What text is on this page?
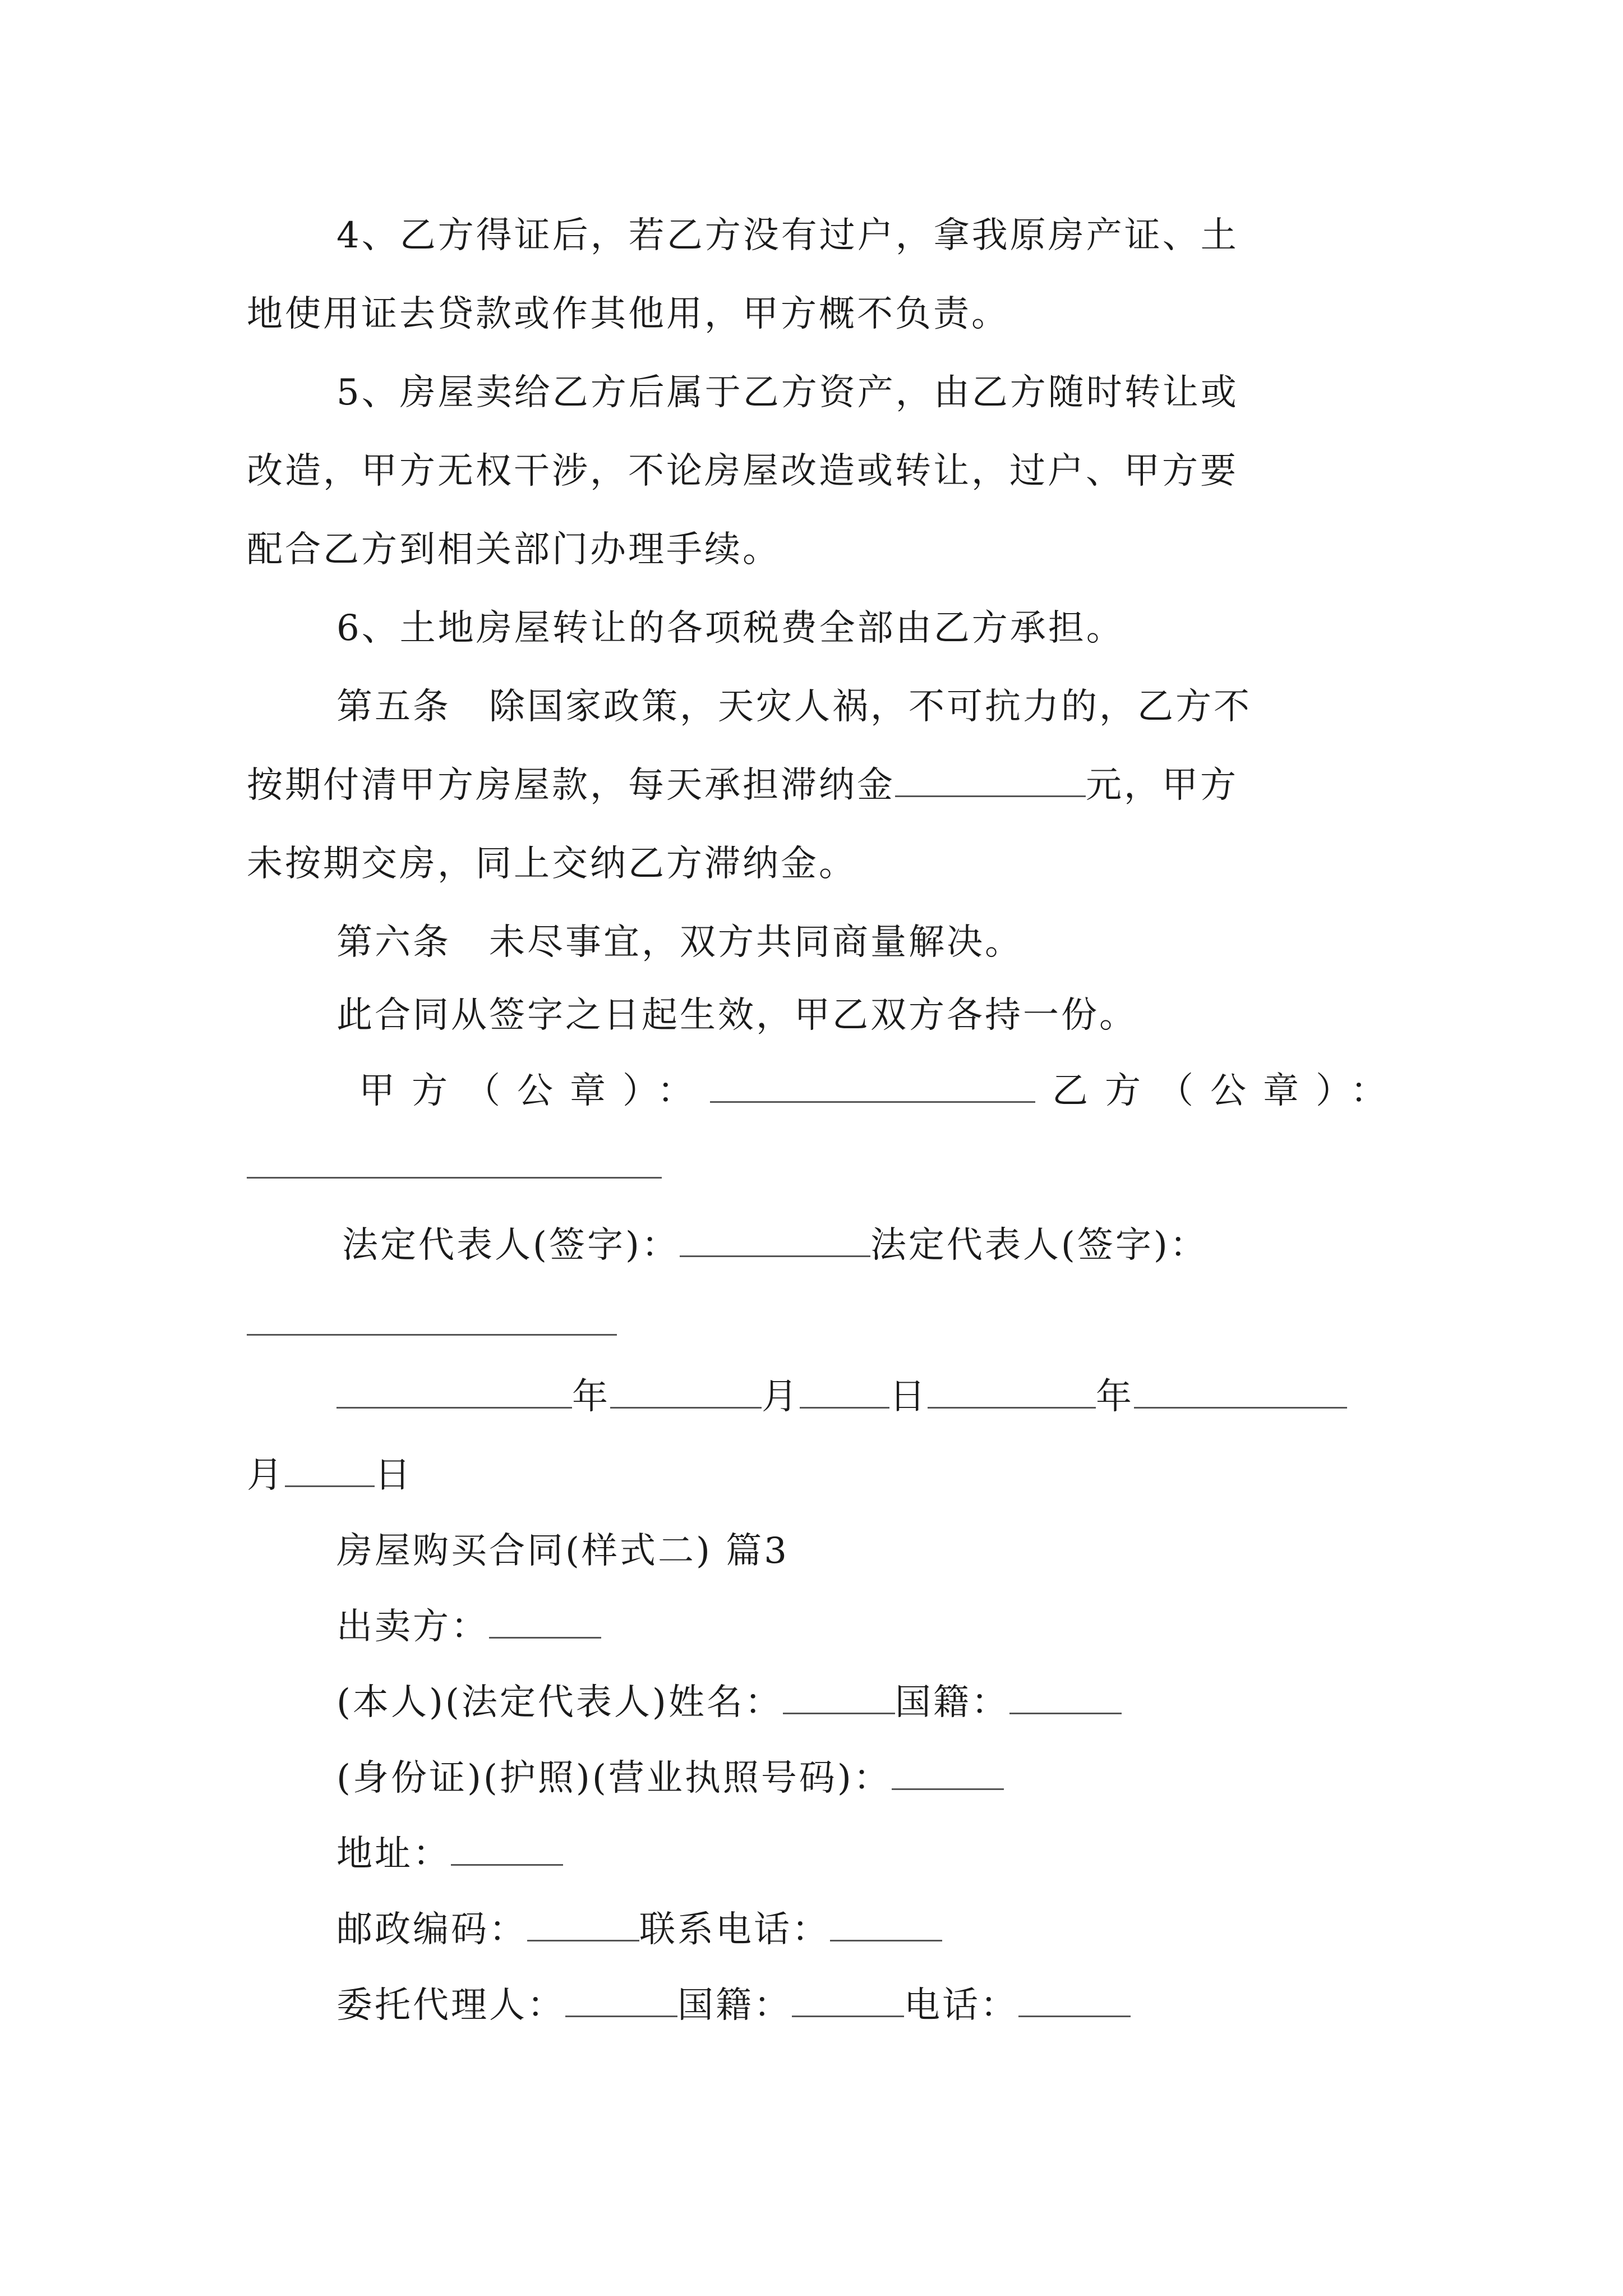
4、乙方得证后，若乙方没有过户，拿我原房产证、土
地使用证去贷款或作其他用，甲方概不负责。
5、房屋卖给乙方后属于乙方资产，由乙方随时转让或
改造，甲方无权干涉，不论房屋改造或转让，过户、甲方要
配合乙方到相关部门办理手续。
6、土地房屋转让的各项税费全部由乙方承担。
第五条　除国家政策，天灾人祸，不可抗力的，乙方不
按期付清甲方房屋款，每天承担滞纳金	元，甲方
未按期交房，同上交纳乙方滞纳金。
第六条　未尽事宜，双方共同商量解决。
此合同从签字之日起生效，甲乙双方各持一份。
甲方（公章）：	乙方（公章）：
法定代表人(签字)：	法定代表人(签字)：
年	月	日	年
月	日
房屋购买合同(样式二) 篇3
出卖方：
(本人)(法定代表人)姓名：	国籍：
(身份证)(护照)(营业执照号码)：
地址：
邮政编码：	联系电话：
委托代理人：	国籍：	电话：
